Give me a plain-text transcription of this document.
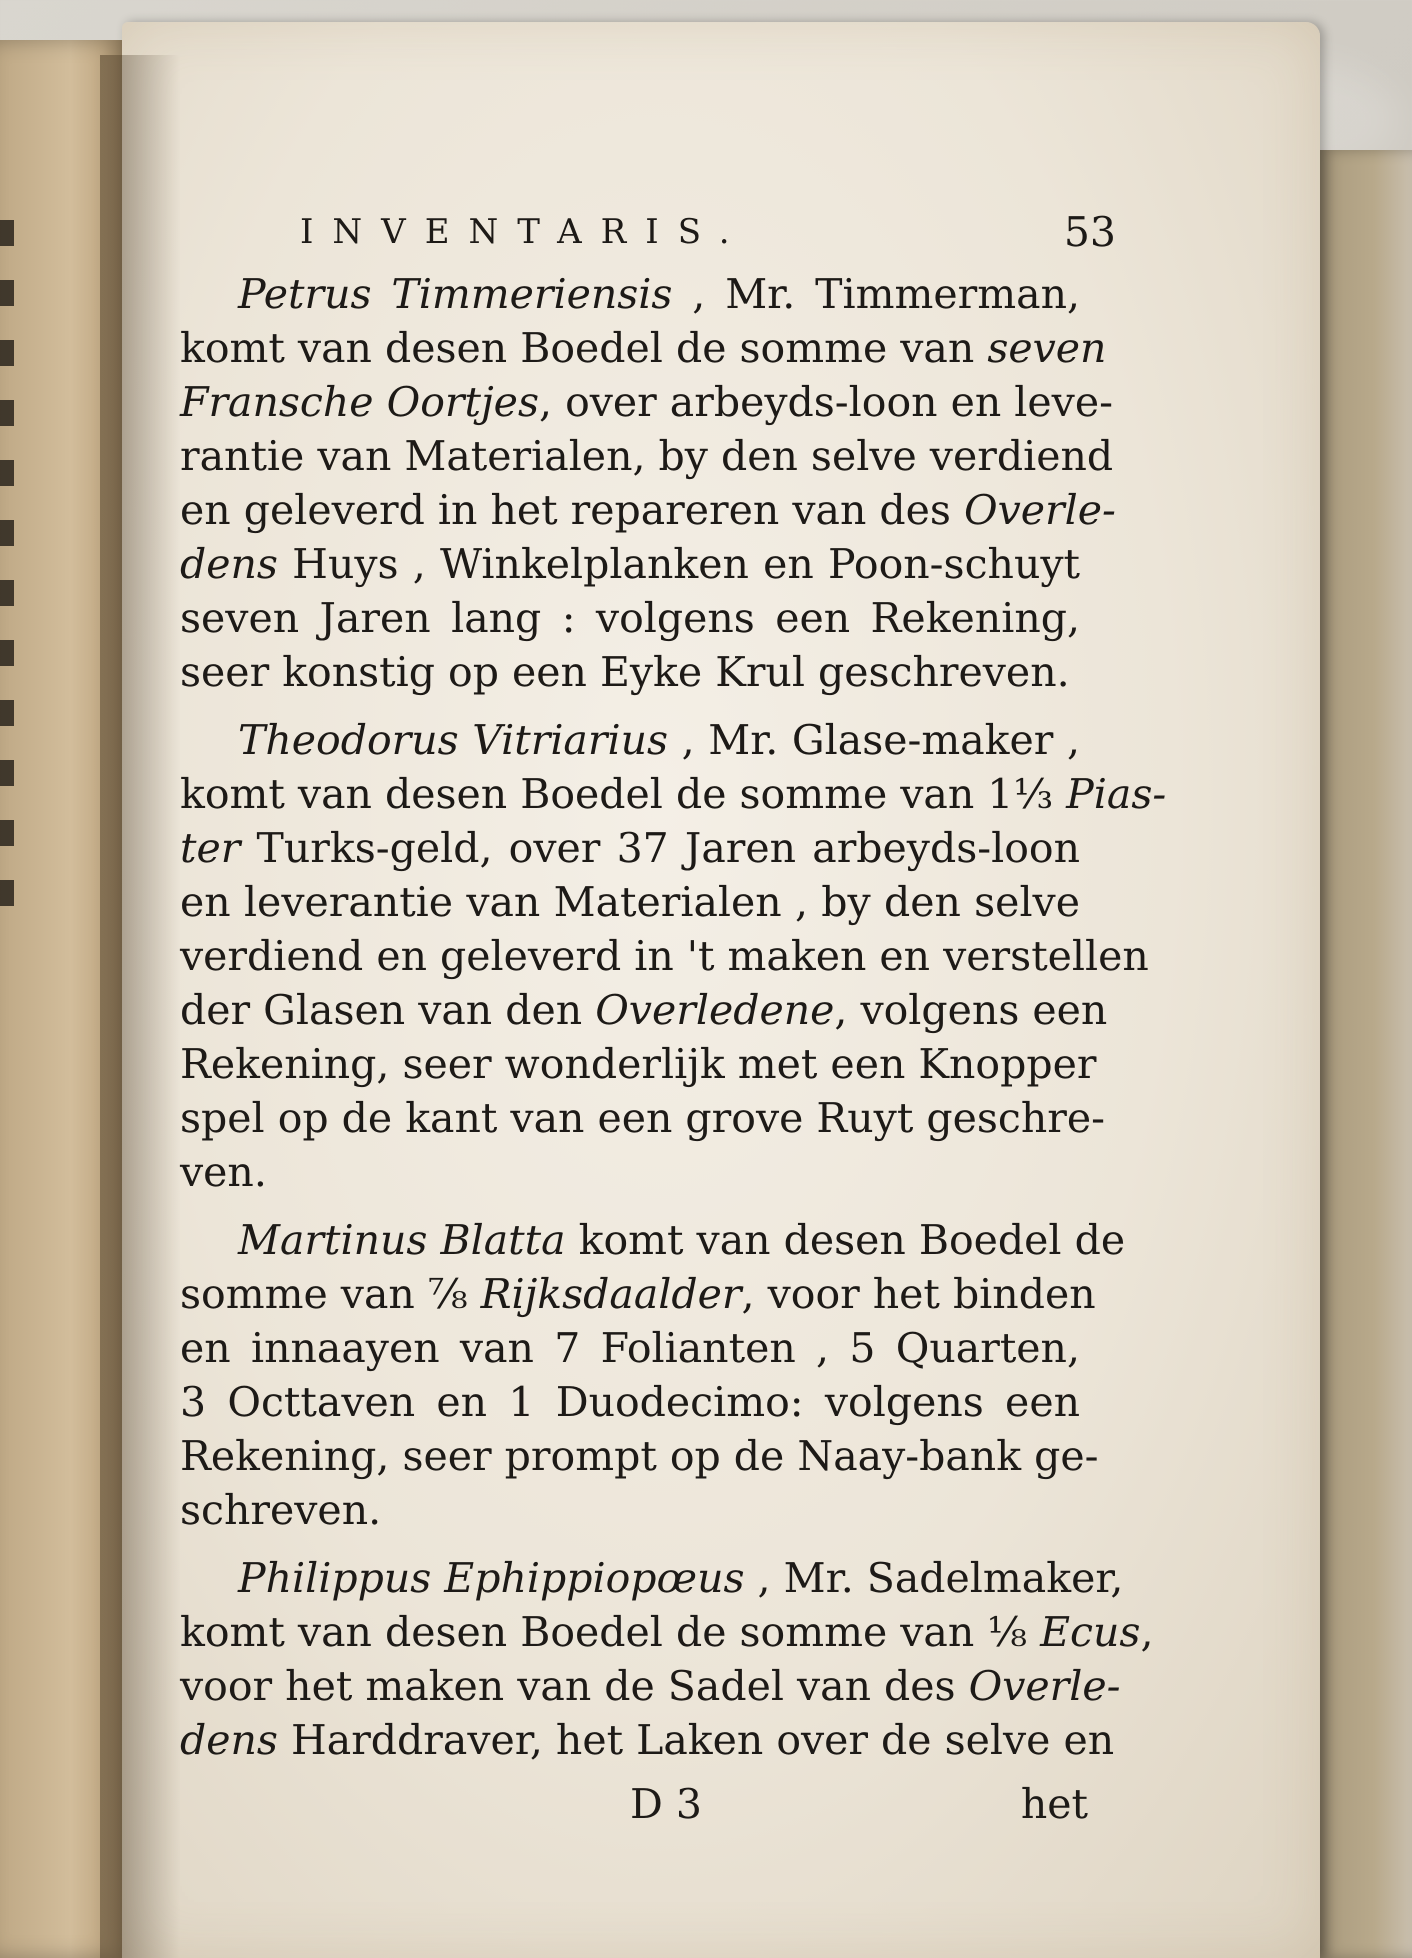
INVENTARIS.	53
Petrus Timmeriensis , Mr. Timmerman,
komt van desen Boedel de somme van seven
Fransche Oortjes, over arbeyds-loon en leve-
rantie van Materialen, by den selve verdiend
en geleverd in het repareren van des Overle-
dens Huys , Winkelplanken en Poon-schuyt
seven Jaren lang : volgens een Rekening,
seer konstig op een Eyke Krul geschreven.
Theodorus Vitriarius , Mr. Glase-maker ,
komt van desen Boedel de somme van 1⅓ Pias-
ter Turks-geld, over 37 Jaren arbeyds-loon
en leverantie van Materialen , by den selve
verdiend en geleverd in 't maken en verstellen
der Glasen van den Overledene, volgens een
Rekening, seer wonderlijk met een Knopper
spel op de kant van een grove Ruyt geschre-
ven.
Martinus Blatta komt van desen Boedel de
somme van ⅞ Rijksdaalder, voor het binden
en innaayen van 7 Folianten , 5 Quarten,
3 Octtaven en 1 Duodecimo: volgens een
Rekening, seer prompt op de Naay-bank ge-
schreven.
Philippus Ephippiopœus , Mr. Sadelmaker,
komt van desen Boedel de somme van ⅛ Ecus,
voor het maken van de Sadel van des Overle-
dens Harddraver, het Laken over de selve en
D 3	het
